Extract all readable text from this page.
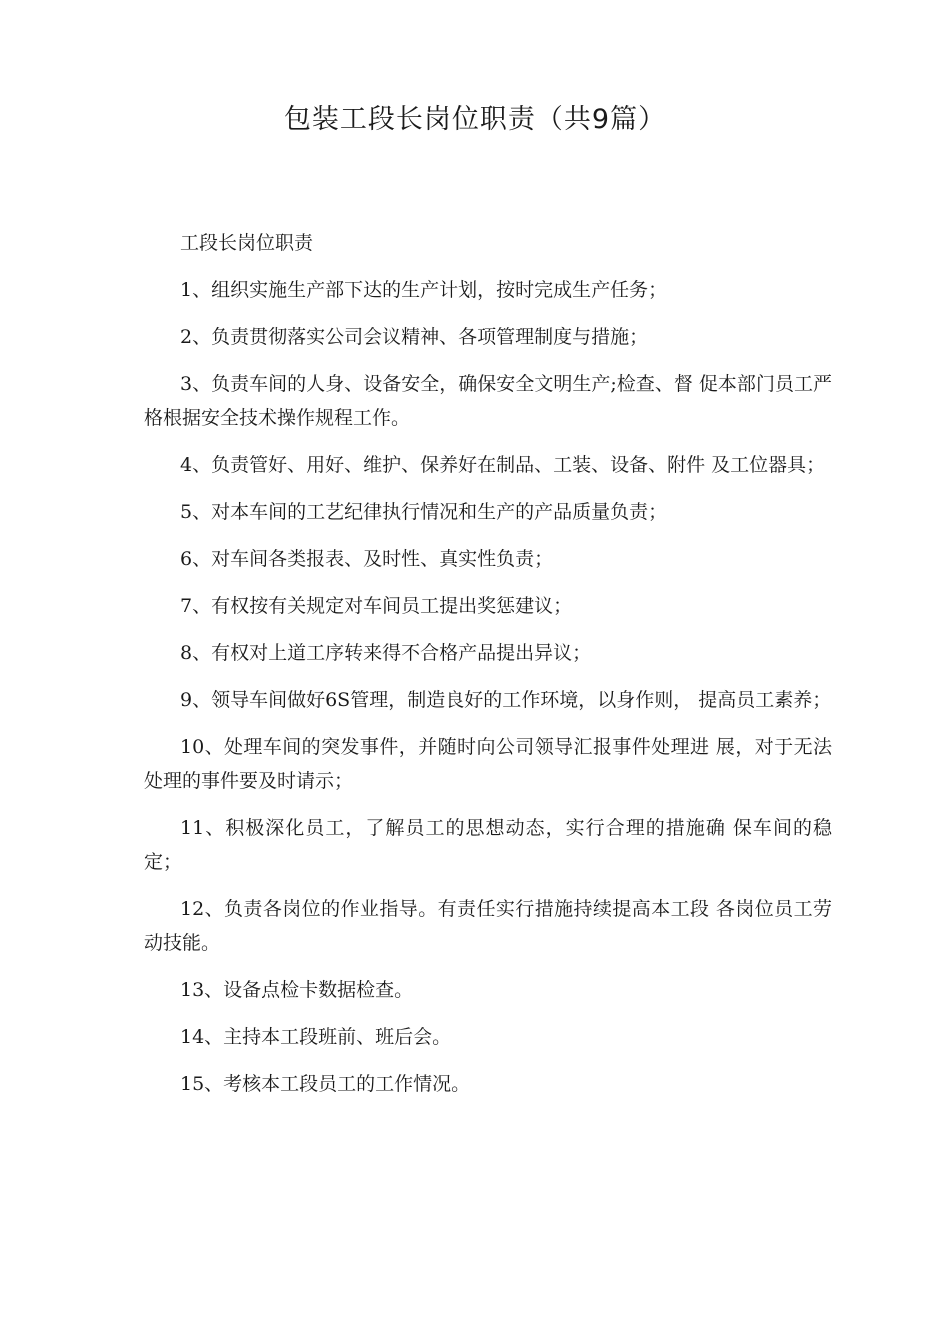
包装工段长岗位职责（共9篇）

工段长岗位职责

1、组织实施生产部下达的生产计划，按时完成生产任务；

2、负责贯彻落实公司会议精神、各项管理制度与措施；

3、负责车间的人身、设备安全，确保安全文明生产;检查、督 促本部门员工严格根据安全技术操作规程工作。

4、负责管好、用好、维护、保养好在制品、工装、设备、附件 及工位器具；

5、对本车间的工艺纪律执行情况和生产的产品质量负责；

6、对车间各类报表、及时性、真实性负责；

7、有权按有关规定对车间员工提出奖惩建议；

8、有权对上道工序转来得不合格产品提出异议；

9、领导车间做好6S管理，制造良好的工作环境，以身作则， 提高员工素养；

10、处理车间的突发事件，并随时向公司领导汇报事件处理进 展，对于无法处理的事件要及时请示；

11、积极深化员工，了解员工的思想动态，实行合理的措施确 保车间的稳定；

12、负责各岗位的作业指导。有责任实行措施持续提高本工段 各岗位员工劳动技能。

13、设备点检卡数据检查。

14、主持本工段班前、班后会。

15、考核本工段员工的工作情况。
